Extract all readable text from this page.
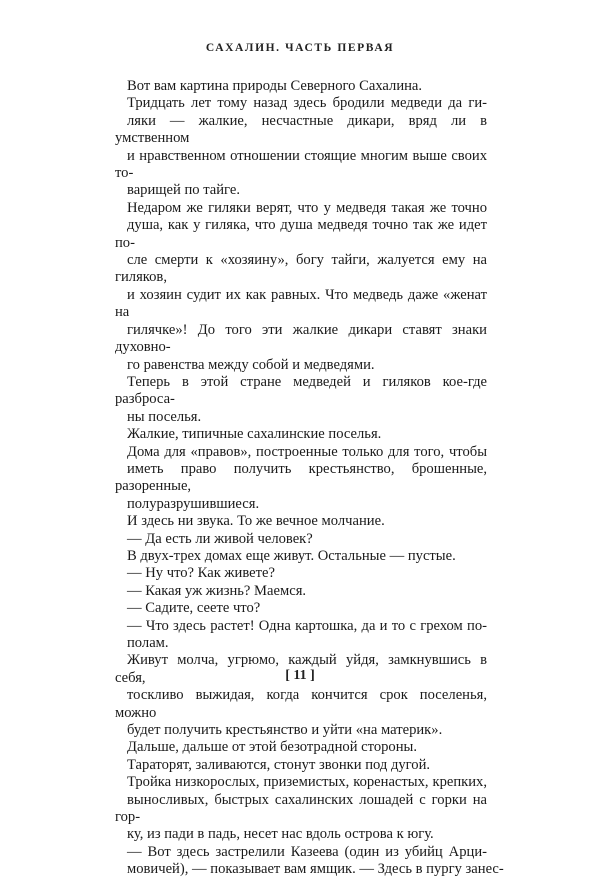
САХАЛИН. ЧАСТЬ ПЕРВАЯ

Вот вам картина природы Северного Сахалина.

Тридцать лет тому назад здесь бродили медведи да ги-
ляки — жалкие, несчастные дикари, вряд ли в умственном
и нравственном отношении стоящие многим выше своих то-
варищей по тайге.

Недаром же гиляки верят, что у медведя такая же точно
душа, как у гиляка, что душа медведя точно так же идет по-
сле смерти к «хозяину», богу тайги, жалуется ему на гиляков,
и хозяин судит их как равных. Что медведь даже «женат на
гилячке»! До того эти жалкие дикари ставят знаки духовно-
го равенства между собой и медведями.

Теперь в этой стране медведей и гиляков кое-где разброса-
ны поселья.

Жалкие, типичные сахалинские поселья.

Дома для «правов», построенные только для того, чтобы
иметь право получить крестьянство, брошенные, разоренные,
полуразрушившиеся.

И здесь ни звука. То же вечное молчание.

— Да есть ли живой человек?

В двух-трех домах еще живут. Остальные — пустые.

— Ну что? Как живете?

— Какая уж жизнь? Маемся.

— Садите, сеете что?

— Что здесь растет! Одна картошка, да и то с грехом по-
полам.

Живут молча, угрюмо, каждый уйдя, замкнувшись в себя,
тоскливо выжидая, когда кончится срок поселенья, можно
будет получить крестьянство и уйти «на материк».

Дальше, дальше от этой безотрадной стороны.

Тараторят, заливаются, стонут звонки под дугой.

Тройка низкорослых, приземистых, коренастых, крепких,
выносливых, быстрых сахалинских лошадей с горки на гор-
ку, из пади в падь, несет нас вдоль острова к югу.

— Вот здесь застрелили Казеева (один из убийц Арци-
мовичей), — показывает вам ямщик. — Здесь в пургу занес-

[ 11 ]
